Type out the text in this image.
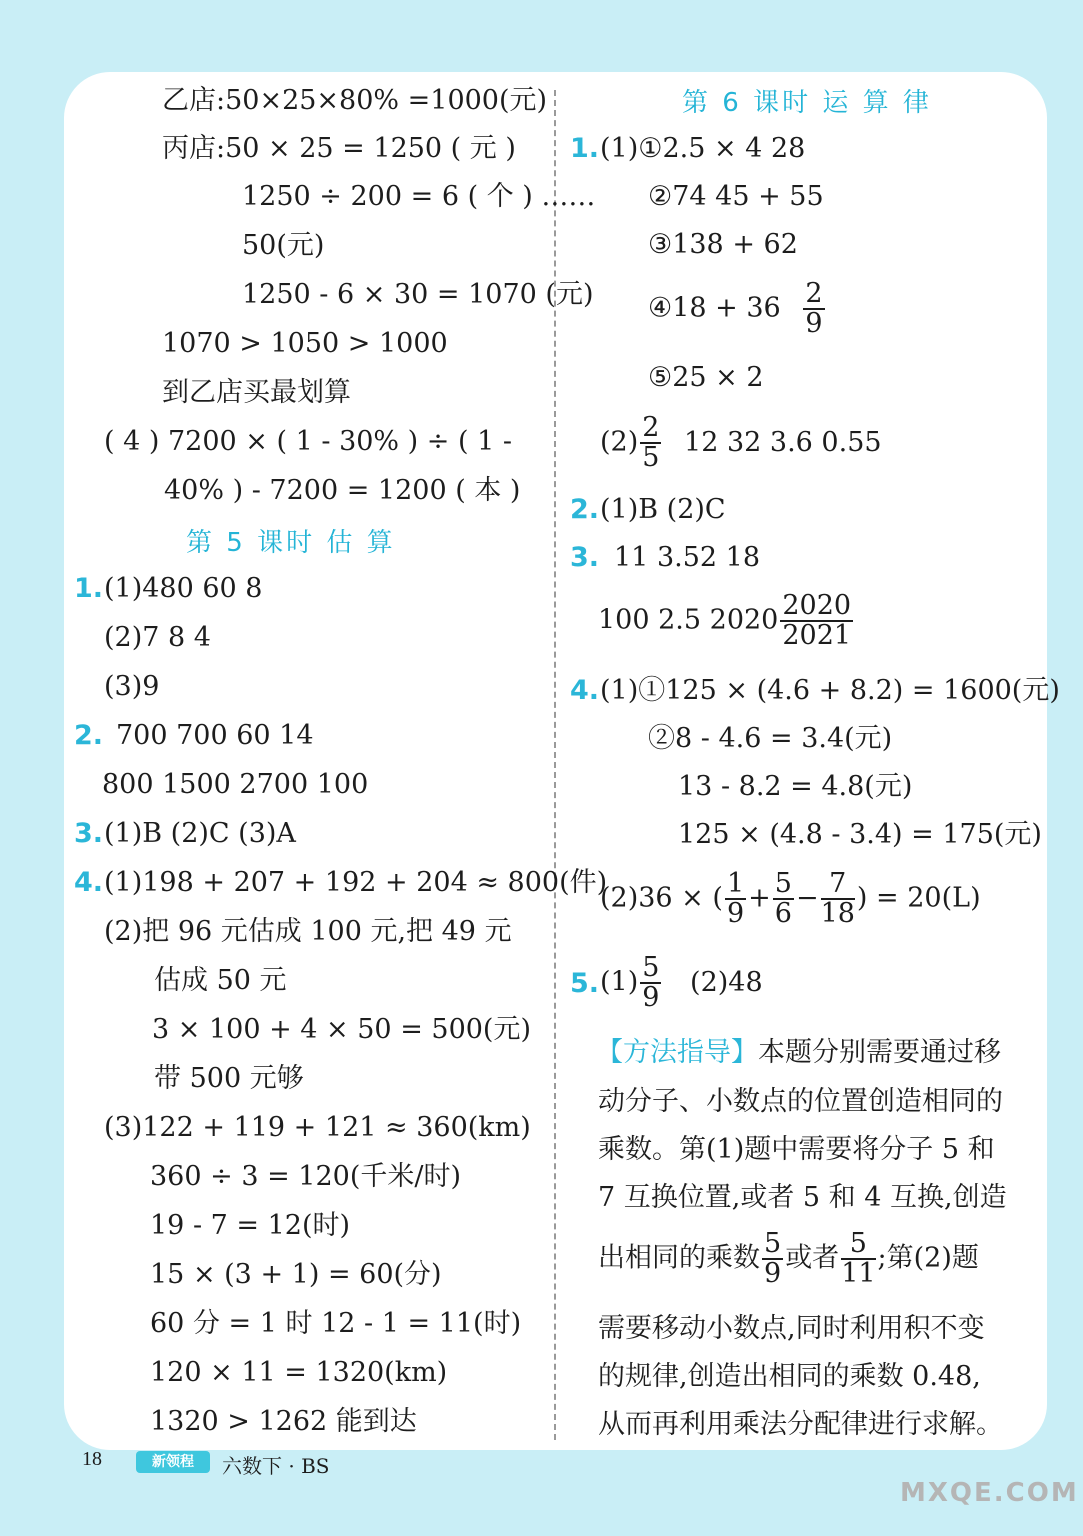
乙店:50×25×80% =1000(元)
丙店:50 × 25 = 1250 ( 元 )
1250 ÷ 200 = 6 ( 个 ) ……
50(元)
1250 - 6 × 30 = 1070 (元)
1070 > 1050 > 1000
到乙店买最划算
( 4 ) 7200 × ( 1 - 30% ) ÷ ( 1 -
40% ) - 7200 = 1200 ( 本 )
第 5 课时 估 算
1. (1)480 60 8
(2)7 8 4
(3)9
2. 700 700 60 14
800 1500 2700 100
3. (1)B (2)C (3)A
4. (1)198 + 207 + 192 + 204 ≈ 800(件)
(2)把 96 元估成 100 元,把 49 元
估成 50 元
3 × 100 + 4 × 50 = 500(元)
带 500 元够
(3)122 + 119 + 121 ≈ 360(km)
360 ÷ 3 = 120(千米/时)
19 - 7 = 12(时)
15 × (3 + 1) = 60(分)
60 分 = 1 时 12 - 1 = 11(时)
120 × 11 = 1320(km)
1320 > 1262 能到达
第 6 课时 运 算 律
1. (1)①2.5 × 4 28
②74 45 + 55
③138 + 62
④18 + $36 \frac{2}{9}$
⑤25 × 2
$(2) \frac{2}{5} 12$ 32 3.6 0.55
2. (1)B (2)C
3. 11 3.52 18
100 2.5 $2020 \frac{2020}{2021}$
4. (1)①125 × (4.6 + 8.2) = 1600(元)
②8 - 4.6 = 3.4(元)
13 - 8.2 = 4.8(元)
125 × (4.8 - 3.4) = 175(元)
(2)36 × ( $\frac{1}{9} + \frac{5}{6} - \frac{7}{18}$ ) = 20(L)
5. $(1) \frac{5}{9} (2)48$
【方法指导】本题分别需要通过移
动分子、小数点的位置创造相同的
乘数。第(1)题中需要将分子 5 和
7 互换位置,或者 5 和 4 互换,创造
出相同的乘数 $\frac{5}{9}$ 或者 $\frac{5}{11}$ ;第(2)题
需要移动小数点,同时利用积不变
的规律,创造出相同的乘数 0.48,
从而再利用乘法分配律进行求解。
18	新领程	六数下 · BS
MXQE.COM
